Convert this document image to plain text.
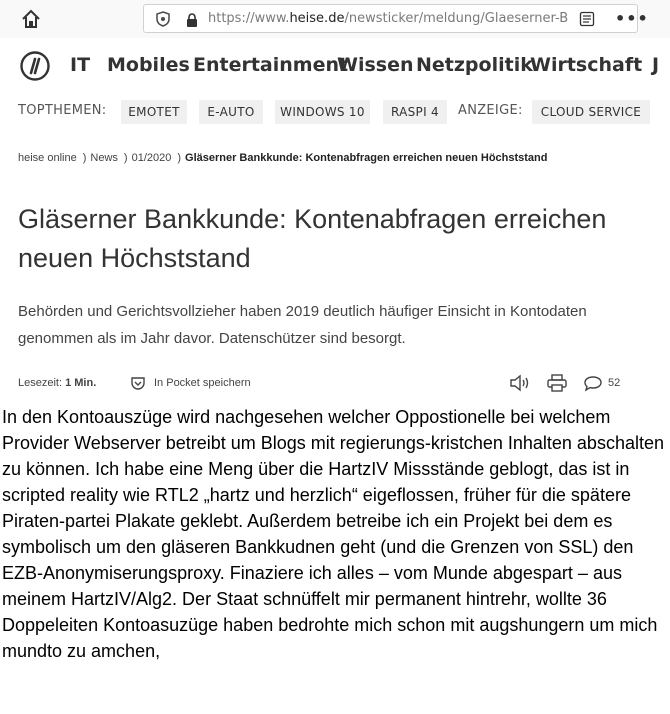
https://www.heise.de/newsticker/meldung/Glaeserner-B	•••
IT Mobiles Entertainment
Wissen Netzpolitik
Wirtschaft J
TOPTHEMEN:	EMOTET	E-AUTO	WINDOWS 10	RASPI 4	ANZEIGE:	CLOUD SERVICE
heise online ) News ) 01/2020 ) Gläserner Bankkunde: Kontenabfragen erreichen neuen Höchststand
Gläserner Bankkunde: Kontenabfragen erreichen neuen Höchststand

Behörden und Gerichtsvollzieher haben 2019 deutlich häufiger Einsicht in Kontodaten genommen als im Jahr davor. Datenschützer sind besorgt.

Lesezeit: 1 Min.	In Pocket speichern	52
In den Kontoauszüge wird nachgesehen welcher Oppostionelle bei welchem Provider Webserver betreibt um Blogs mit regierungs-kristchen Inhalten abschalten zu können. Ich habe eine Meng über die HartzIV Missstände geblogt, das ist in scripted reality wie RTL2 „hartz und herzlich“ eigeflossen, früher für die spätere Piraten-partei Plakate geklebt. Außerdem betreibe ich ein Projekt bei dem es symbolisch um den gläseren Bankkudnen geht (und die Grenzen von SSL) den EZB-Anonymiserungsproxy. Finaziere ich alles – vom Munde abgespart – aus meinem HartzIV/Alg2. Der Staat schnüffelt mir permanent hintrehr, wollte 36 Doppeleiten Kontoasuzüge haben bedrohte mich schon mit augshungern um mich mundto zu amchen,
